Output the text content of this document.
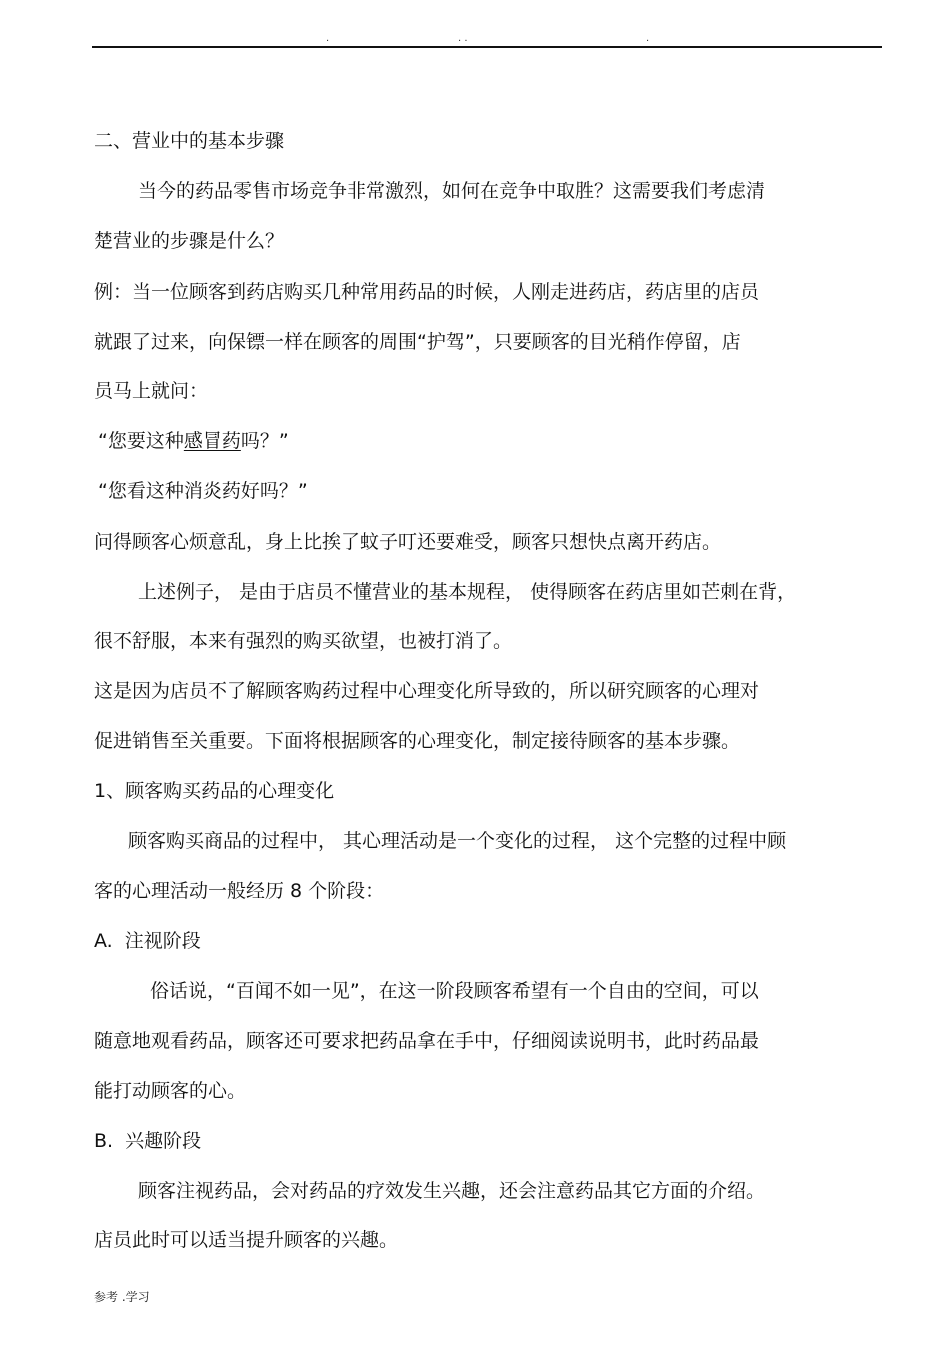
.	. .	.
二、营业中的基本步骤
当今的药品零售市场竞争非常激烈，如何在竞争中取胜？这需要我们考虑清
楚营业的步骤是什么？
例：当一位顾客到药店购买几种常用药品的时候，人刚走进药店，药店里的店员
就跟了过来，向保镖一样在顾客的周围“护驾”，只要顾客的目光稍作停留，店
员马上就问：
“您要这种感冒药吗？”
“您看这种消炎药好吗？”
问得顾客心烦意乱，身上比挨了蚊子叮还要难受，顾客只想快点离开药店。
上述例子， 是由于店员不懂营业的基本规程， 使得顾客在药店里如芒刺在背，
很不舒服，本来有强烈的购买欲望，也被打消了。
这是因为店员不了解顾客购药过程中心理变化所导致的，所以研究顾客的心理对
促进销售至关重要。下面将根据顾客的心理变化，制定接待顾客的基本步骤。
1、顾客购买药品的心理变化
顾客购买商品的过程中， 其心理活动是一个变化的过程， 这个完整的过程中顾
客的心理活动一般经历 8 个阶段：
A. 注视阶段
俗话说，“百闻不如一见”，在这一阶段顾客希望有一个自由的空间，可以
随意地观看药品，顾客还可要求把药品拿在手中，仔细阅读说明书，此时药品最
能打动顾客的心。
B. 兴趣阶段
顾客注视药品，会对药品的疗效发生兴趣，还会注意药品其它方面的介绍。
店员此时可以适当提升顾客的兴趣。
参考 .学习
